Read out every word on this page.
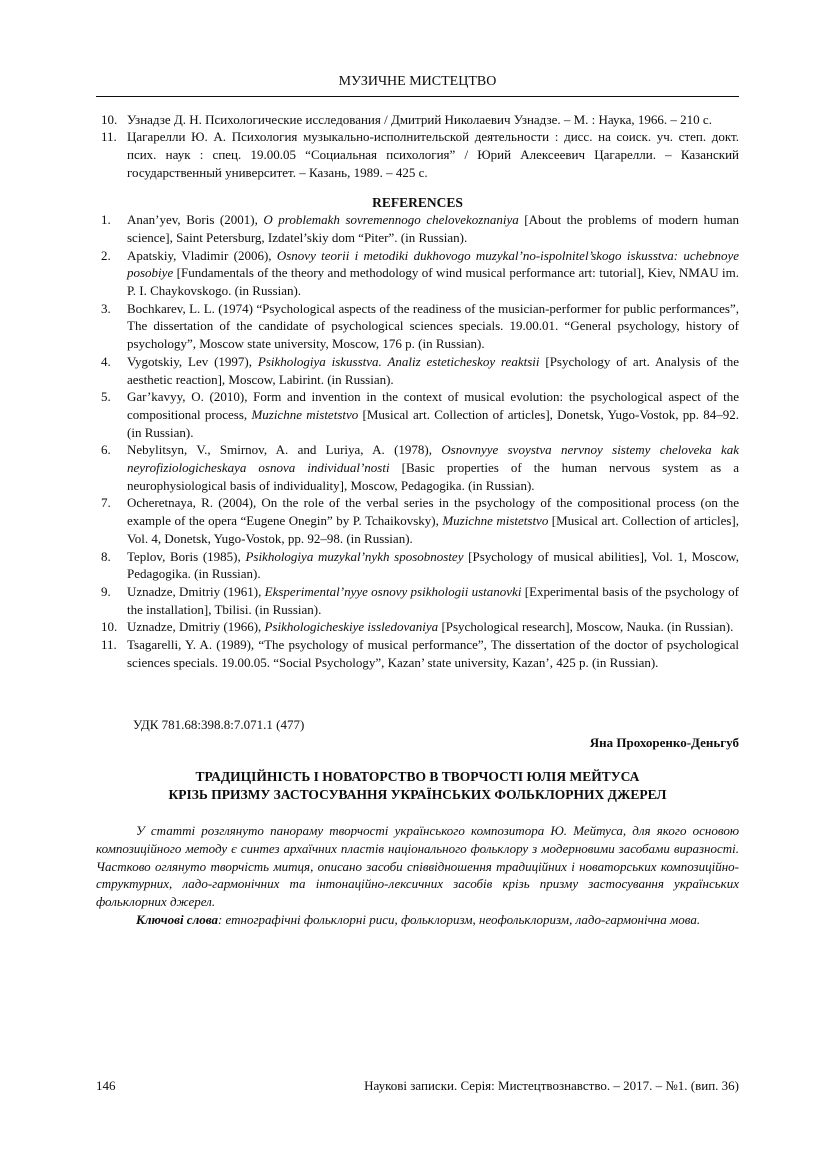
МУЗИЧНЕ МИСТЕЦТВО
10. Узнадзе Д. Н. Психологические исследования / Дмитрий Николаевич Узнадзе. – М. : Наука, 1966. – 210 с.
11. Цагарелли Ю. А. Психология музыкально-исполнительской деятельности : дисс. на соиск. уч. степ. докт. псих. наук : спец. 19.00.05 “Социальная психология” / Юрий Алексеевич Цагарелли. – Казанский государственный университет. – Казань, 1989. – 425 с.
REFERENCES
1. Anan’yev, Boris (2001), O problemakh sovremennogo chelovekoznaniya [About the problems of modern human science], Saint Petersburg, Izdatel’skiy dom “Piter”. (in Russian).
2. Apatskiy, Vladimir (2006), Osnovy teorii i metodiki dukhovogo muzykal’no-ispolnitel’skogo iskusstva: uchebnoye posobiye [Fundamentals of the theory and methodology of wind musical performance art: tutorial], Kiev, NMAU im. P. I. Chaykovskogo. (in Russian).
3. Bochkarev, L. L. (1974) “Psychological aspects of the readiness of the musician-performer for public performances”, The dissertation of the candidate of psychological sciences specials. 19.00.01. “General psychology, history of psychology”, Moscow state university, Moscow, 176 p. (in Russian).
4. Vygotskiy, Lev (1997), Psikhologiya iskusstva. Analiz esteticheskoy reaktsii [Psychology of art. Analysis of the aesthetic reaction], Moscow, Labirint. (in Russian).
5. Gar’kavyy, O. (2010), Form and invention in the context of musical evolution: the psychological aspect of the compositional process, Muzichne mistetstvo [Musical art. Collection of articles], Donetsk, Yugo-Vostok, pp. 84–92. (in Russian).
6. Nebylitsyn, V., Smirnov, A. and Luriya, A. (1978), Osnovnyye svoystva nervnoy sistemy cheloveka kak neyrofiziologicheskaya osnova individual’nosti [Basic properties of the human nervous system as a neurophysiological basis of individuality], Moscow, Pedagogika. (in Russian).
7. Ocheretnaya, R. (2004), On the role of the verbal series in the psychology of the compositional process (on the example of the opera “Eugene Onegin” by P. Tchaikovsky), Muzichne mistetstvo [Musical art. Collection of articles], Vol. 4, Donetsk, Yugo-Vostok, pp. 92–98. (in Russian).
8. Teplov, Boris (1985), Psikhologiya muzykal’nykh sposobnostey [Psychology of musical abilities], Vol. 1, Moscow, Pedagogika. (in Russian).
9. Uznadze, Dmitriy (1961), Eksperimental’nyye osnovy psikhologii ustanovki [Experimental basis of the psychology of the installation], Tbilisi. (in Russian).
10. Uznadze, Dmitriy (1966), Psikhologicheskiye issledovaniya [Psychological research], Moscow, Nauka. (in Russian).
11. Tsagarelli, Y. A. (1989), “The psychology of musical performance”, The dissertation of the doctor of psychological sciences specials. 19.00.05. “Social Psychology”, Kazan’ state university, Kazan’, 425 p. (in Russian).
УДК 781.68:398.8:7.071.1 (477)
Яна Прохоренко-Деньгуб
ТРАДИЦІЙНІСТЬ І НОВАТОРСТВО В ТВОРЧОСТІ ЮЛІЯ МЕЙТУСА
КРІЗЬ ПРИЗМУ ЗАСТОСУВАННЯ УКРАЇНСЬКИХ ФОЛЬКЛОРНИХ ДЖЕРЕЛ

У статті розглянуто панораму творчості українського композитора Ю. Мейтуса, для якого основою композиційного методу є синтез архаїчних пластів національного фольклору з модерновими засобами виразності. Частково оглянуто творчість митця, описано засоби співвідношення традиційних і новаторських композиційно-структурних, ладо-гармонічних та інтонаційно-лексичних засобів крізь призму застосування українських фольклорних джерел.

Ключові слова: етнографічні фольклорні риси, фольклоризм, неофольклоризм, ладо-гармонічна мова.

146	Наукові записки. Серія: Мистецтвознавство. – 2017. – №1. (вип. 36)
